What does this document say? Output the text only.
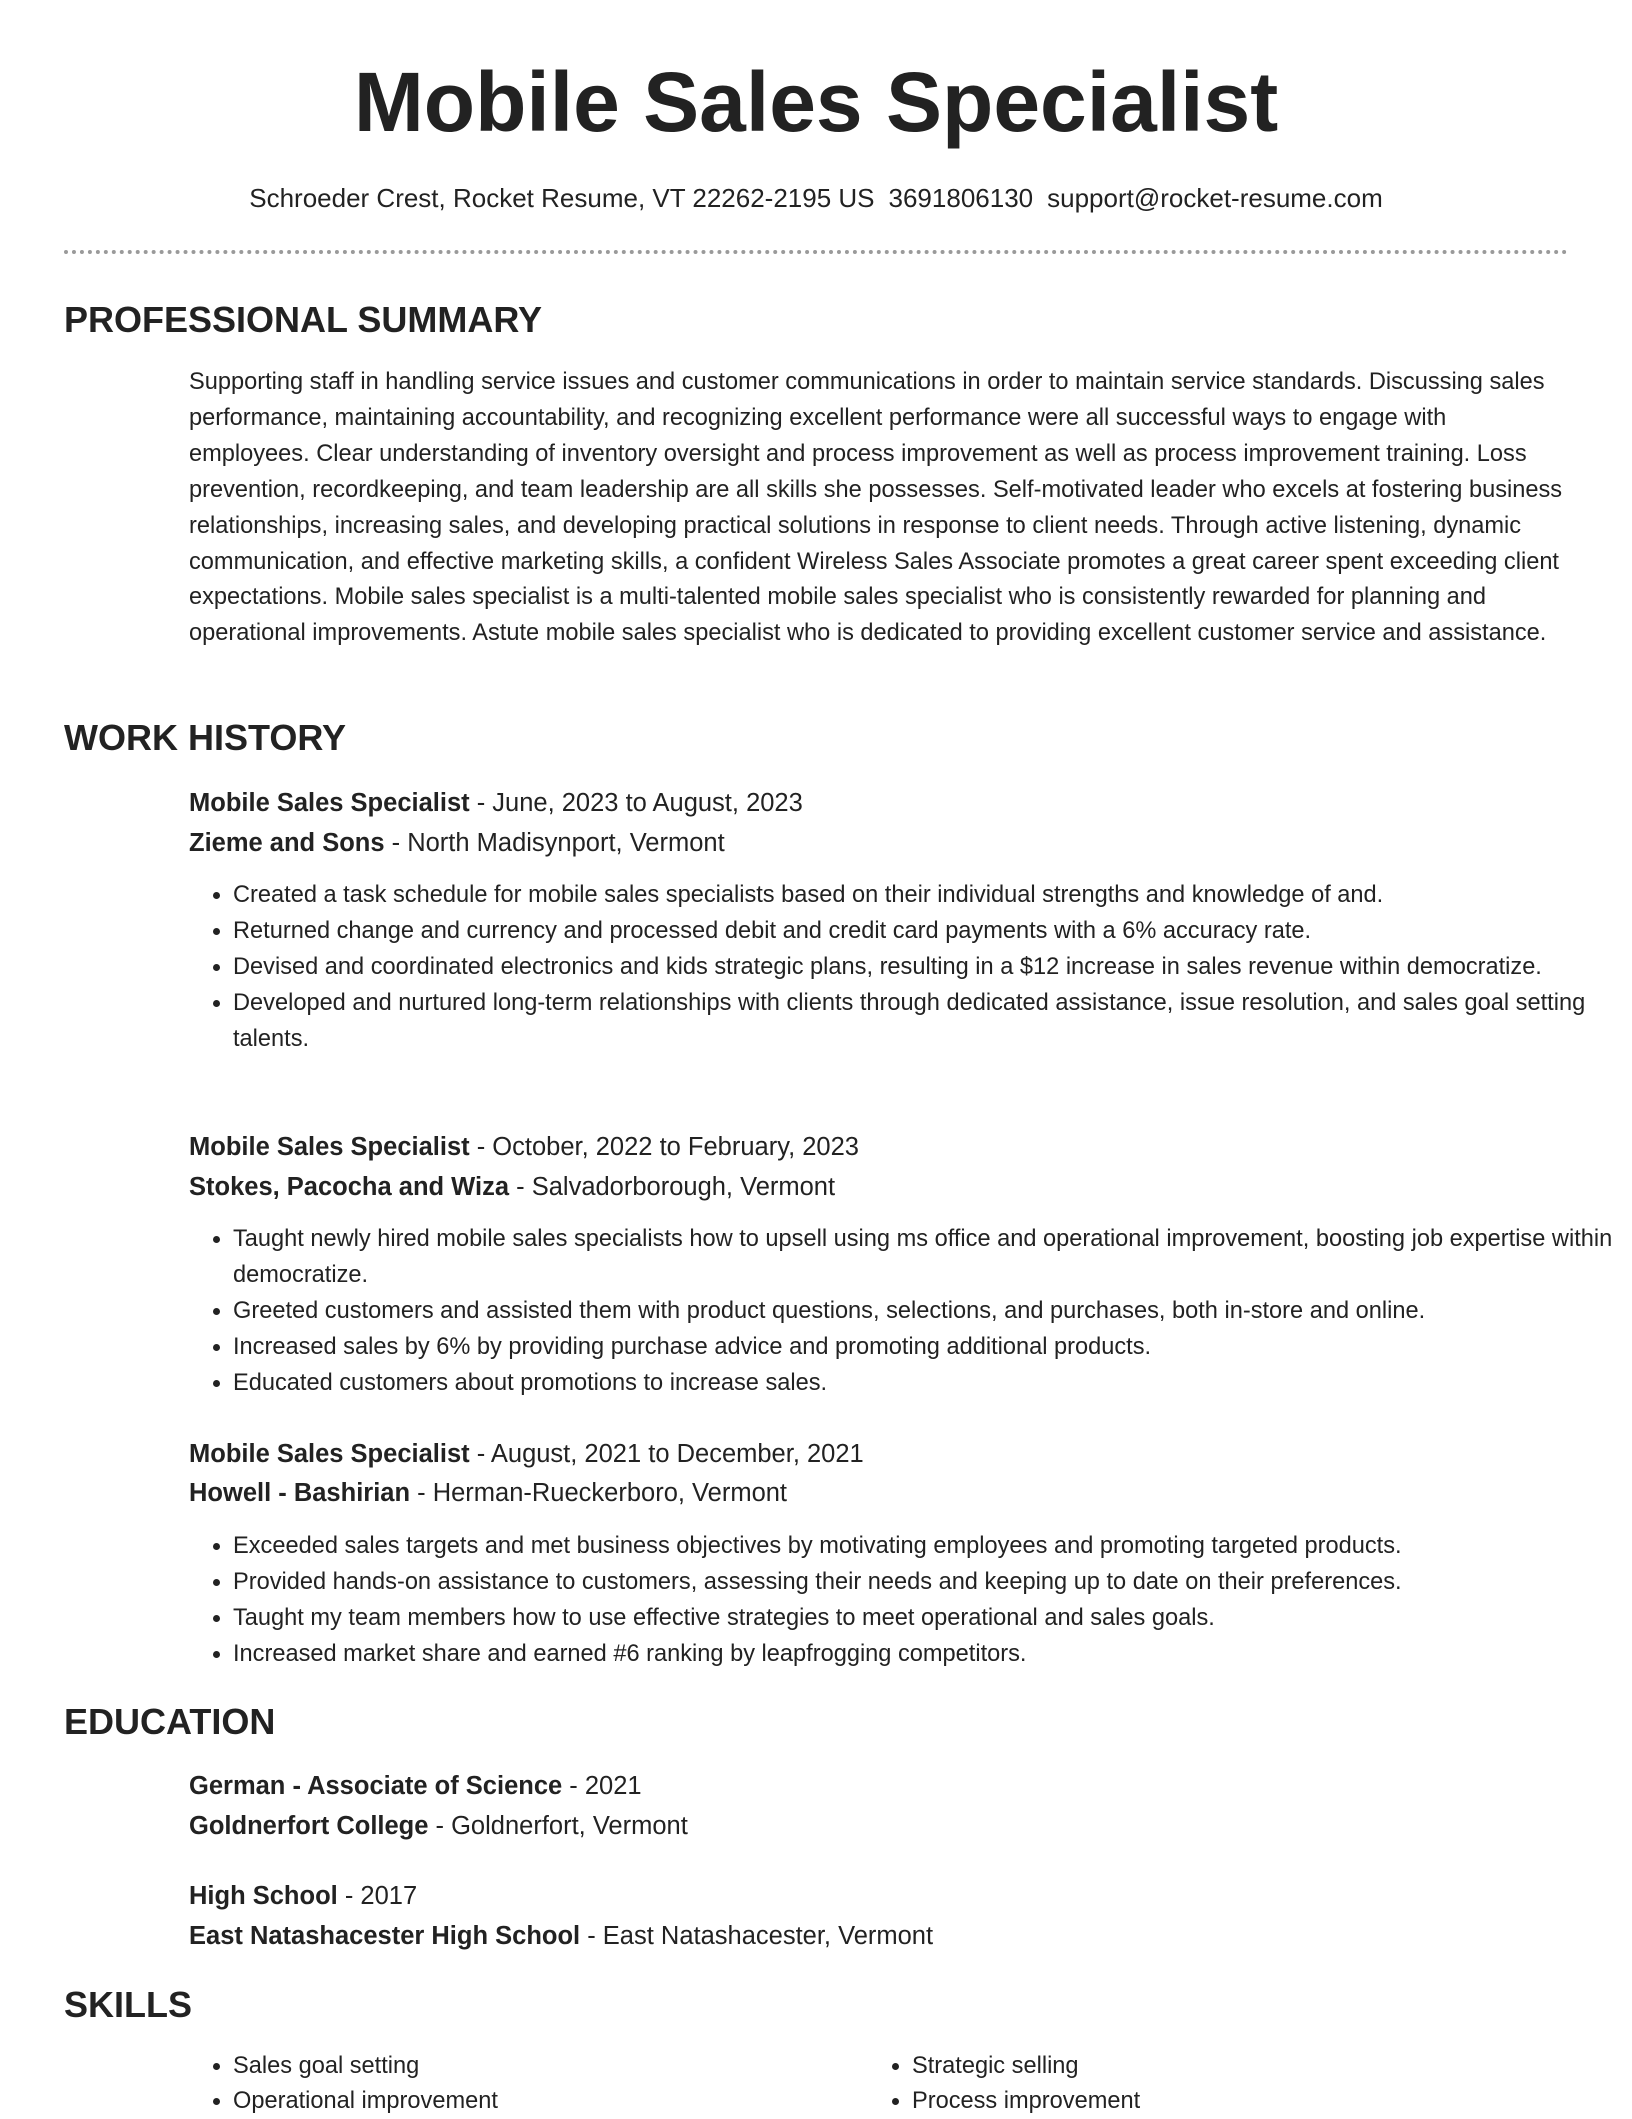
Mobile Sales Specialist
Schroeder Crest, Rocket Resume, VT 22262-2195 US 3691806130 support@rocket-resume.com
PROFESSIONAL SUMMARY

Supporting staff in handling service issues and customer communications in order to maintain service standards. Discussing sales performance, maintaining accountability, and recognizing excellent performance were all successful ways to engage with employees. Clear understanding of inventory oversight and process improvement as well as process improvement training. Loss prevention, recordkeeping, and team leadership are all skills she possesses. Self-motivated leader who excels at fostering business relationships, increasing sales, and developing practical solutions in response to client needs. Through active listening, dynamic communication, and effective marketing skills, a confident Wireless Sales Associate promotes a great career spent exceeding client expectations. Mobile sales specialist is a multi-talented mobile sales specialist who is consistently rewarded for planning and operational improvements. Astute mobile sales specialist who is dedicated to providing excellent customer service and assistance.

WORK HISTORY
Mobile Sales Specialist - June, 2023 to August, 2023
Zieme and Sons - North Madisynport, Vermont
• Created a task schedule for mobile sales specialists based on their individual strengths and knowledge of and.
• Returned change and currency and processed debit and credit card payments with a 6% accuracy rate.
• Devised and coordinated electronics and kids strategic plans, resulting in a $12 increase in sales revenue within democratize.
• Developed and nurtured long-term relationships with clients through dedicated assistance, issue resolution, and sales goal setting talents.
Mobile Sales Specialist - October, 2022 to February, 2023
Stokes, Pacocha and Wiza - Salvadorborough, Vermont
• Taught newly hired mobile sales specialists how to upsell using ms office and operational improvement, boosting job expertise within democratize.
• Greeted customers and assisted them with product questions, selections, and purchases, both in-store and online.
• Increased sales by 6% by providing purchase advice and promoting additional products.
• Educated customers about promotions to increase sales.
Mobile Sales Specialist - August, 2021 to December, 2021
Howell - Bashirian - Herman-Rueckerboro, Vermont
• Exceeded sales targets and met business objectives by motivating employees and promoting targeted products.
• Provided hands-on assistance to customers, assessing their needs and keeping up to date on their preferences.
• Taught my team members how to use effective strategies to meet operational and sales goals.
• Increased market share and earned #6 ranking by leapfrogging competitors.
EDUCATION
German - Associate of Science - 2021
Goldnerfort College - Goldnerfort, Vermont
High School - 2017
East Natashacester High School - East Natashacester, Vermont
SKILLS
• Sales goal setting
• Operational improvement
• Strategic selling
• Process improvement
